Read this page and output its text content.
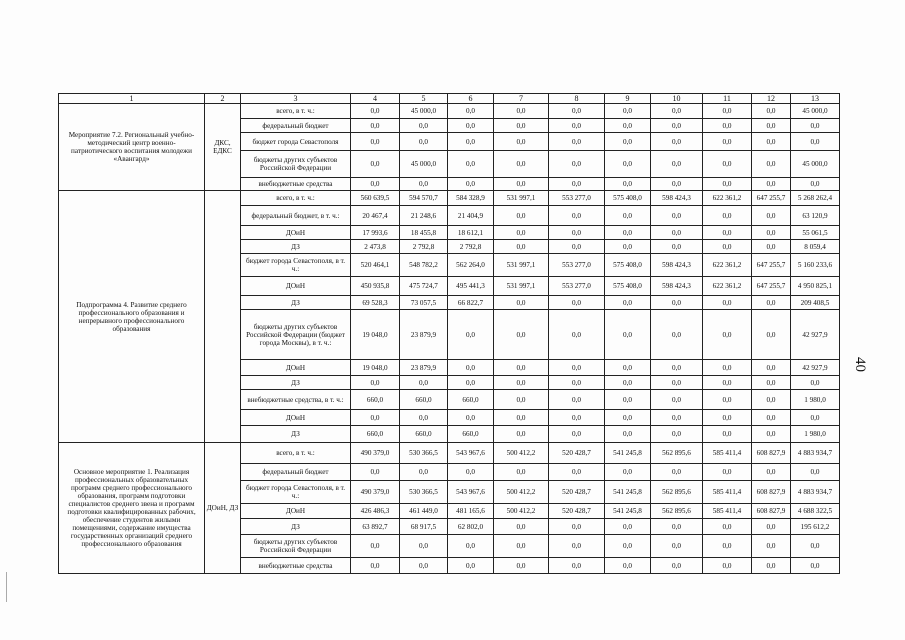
1	2	3	4	5	6	7	8	9	10	11	12	13
Мероприятие 7.2. Региональный учебно-методический центр военно-патриотического воспитания молодежи «Авангард»	ДКС, ЕДКС	всего, в т. ч.:	0,0	45 000,0	0,0	0,0	0,0	0,0	0,0	0,0	0,0	45 000,0
		федеральный бюджет	0,0	0,0	0,0	0,0	0,0	0,0	0,0	0,0	0,0	0,0
		бюджет города Севастополя	0,0	0,0	0,0	0,0	0,0	0,0	0,0	0,0	0,0	0,0
		бюджеты других субъектов Российской Федерации	0,0	45 000,0	0,0	0,0	0,0	0,0	0,0	0,0	0,0	45 000,0
		внебюджетные средства	0,0	0,0	0,0	0,0	0,0	0,0	0,0	0,0	0,0	0,0
Подпрограмма 4. Развитие среднего профессионального образования и непрерывного профессионального образования		всего, в т. ч.:	560 639,5	594 570,7	584 328,9	531 997,1	553 277,0	575 408,0	598 424,3	622 361,2	647 255,7	5 268 262,4
		федеральный бюджет, в т. ч.:	20 467,4	21 248,6	21 404,9	0,0	0,0	0,0	0,0	0,0	0,0	63 120,9
		ДОиН	17 993,6	18 455,8	18 612,1	0,0	0,0	0,0	0,0	0,0	0,0	55 061,5
		ДЗ	2 473,8	2 792,8	2 792,8	0,0	0,0	0,0	0,0	0,0	0,0	8 059,4
		бюджет города Севастополя, в т. ч.:	520 464,1	548 782,2	562 264,0	531 997,1	553 277,0	575 408,0	598 424,3	622 361,2	647 255,7	5 160 233,6
		ДОиН	450 935,8	475 724,7	495 441,3	531 997,1	553 277,0	575 408,0	598 424,3	622 361,2	647 255,7	4 950 825,1
		ДЗ	69 528,3	73 057,5	66 822,7	0,0	0,0	0,0	0,0	0,0	0,0	209 408,5
		бюджеты других субъектов Российской Федерации (бюджет города Москвы), в т. ч.:	19 048,0	23 879,9	0,0	0,0	0,0	0,0	0,0	0,0	0,0	42 927,9
		ДОиН	19 048,0	23 879,9	0,0	0,0	0,0	0,0	0,0	0,0	0,0	42 927,9
		ДЗ	0,0	0,0	0,0	0,0	0,0	0,0	0,0	0,0	0,0	0,0
		внебюджетные средства, в т. ч.:	660,0	660,0	660,0	0,0	0,0	0,0	0,0	0,0	0,0	1 980,0
		ДОиН	0,0	0,0	0,0	0,0	0,0	0,0	0,0	0,0	0,0	0,0
		ДЗ	660,0	660,0	660,0	0,0	0,0	0,0	0,0	0,0	0,0	1 980,0
Основное мероприятие 1. Реализация профессиональных образовательных программ среднего профессионального образования, программ подготовки специалистов среднего звена и программ подготовки квалифицированных рабочих, обеспечение студентов жилыми помещениями, содержание имущества государственных организаций среднего профессионального образования	ДОиН, ДЗ	всего, в т. ч.:	490 379,0	530 366,5	543 967,6	500 412,2	520 428,7	541 245,8	562 895,6	585 411,4	608 827,9	4 883 934,7
		федеральный бюджет	0,0	0,0	0,0	0,0	0,0	0,0	0,0	0,0	0,0	0,0
		бюджет города Севастополя, в т. ч.:	490 379,0	530 366,5	543 967,6	500 412,2	520 428,7	541 245,8	562 895,6	585 411,4	608 827,9	4 883 934,7
		ДОиН	426 486,3	461 449,0	481 165,6	500 412,2	520 428,7	541 245,8	562 895,6	585 411,4	608 827,9	4 688 322,5
		ДЗ	63 892,7	68 917,5	62 802,0	0,0	0,0	0,0	0,0	0,0	0,0	195 612,2
		бюджеты других субъектов Российской Федерации	0,0	0,0	0,0	0,0	0,0	0,0	0,0	0,0	0,0	0,0
		внебюджетные средства	0,0	0,0	0,0	0,0	0,0	0,0	0,0	0,0	0,0	0,0
40
